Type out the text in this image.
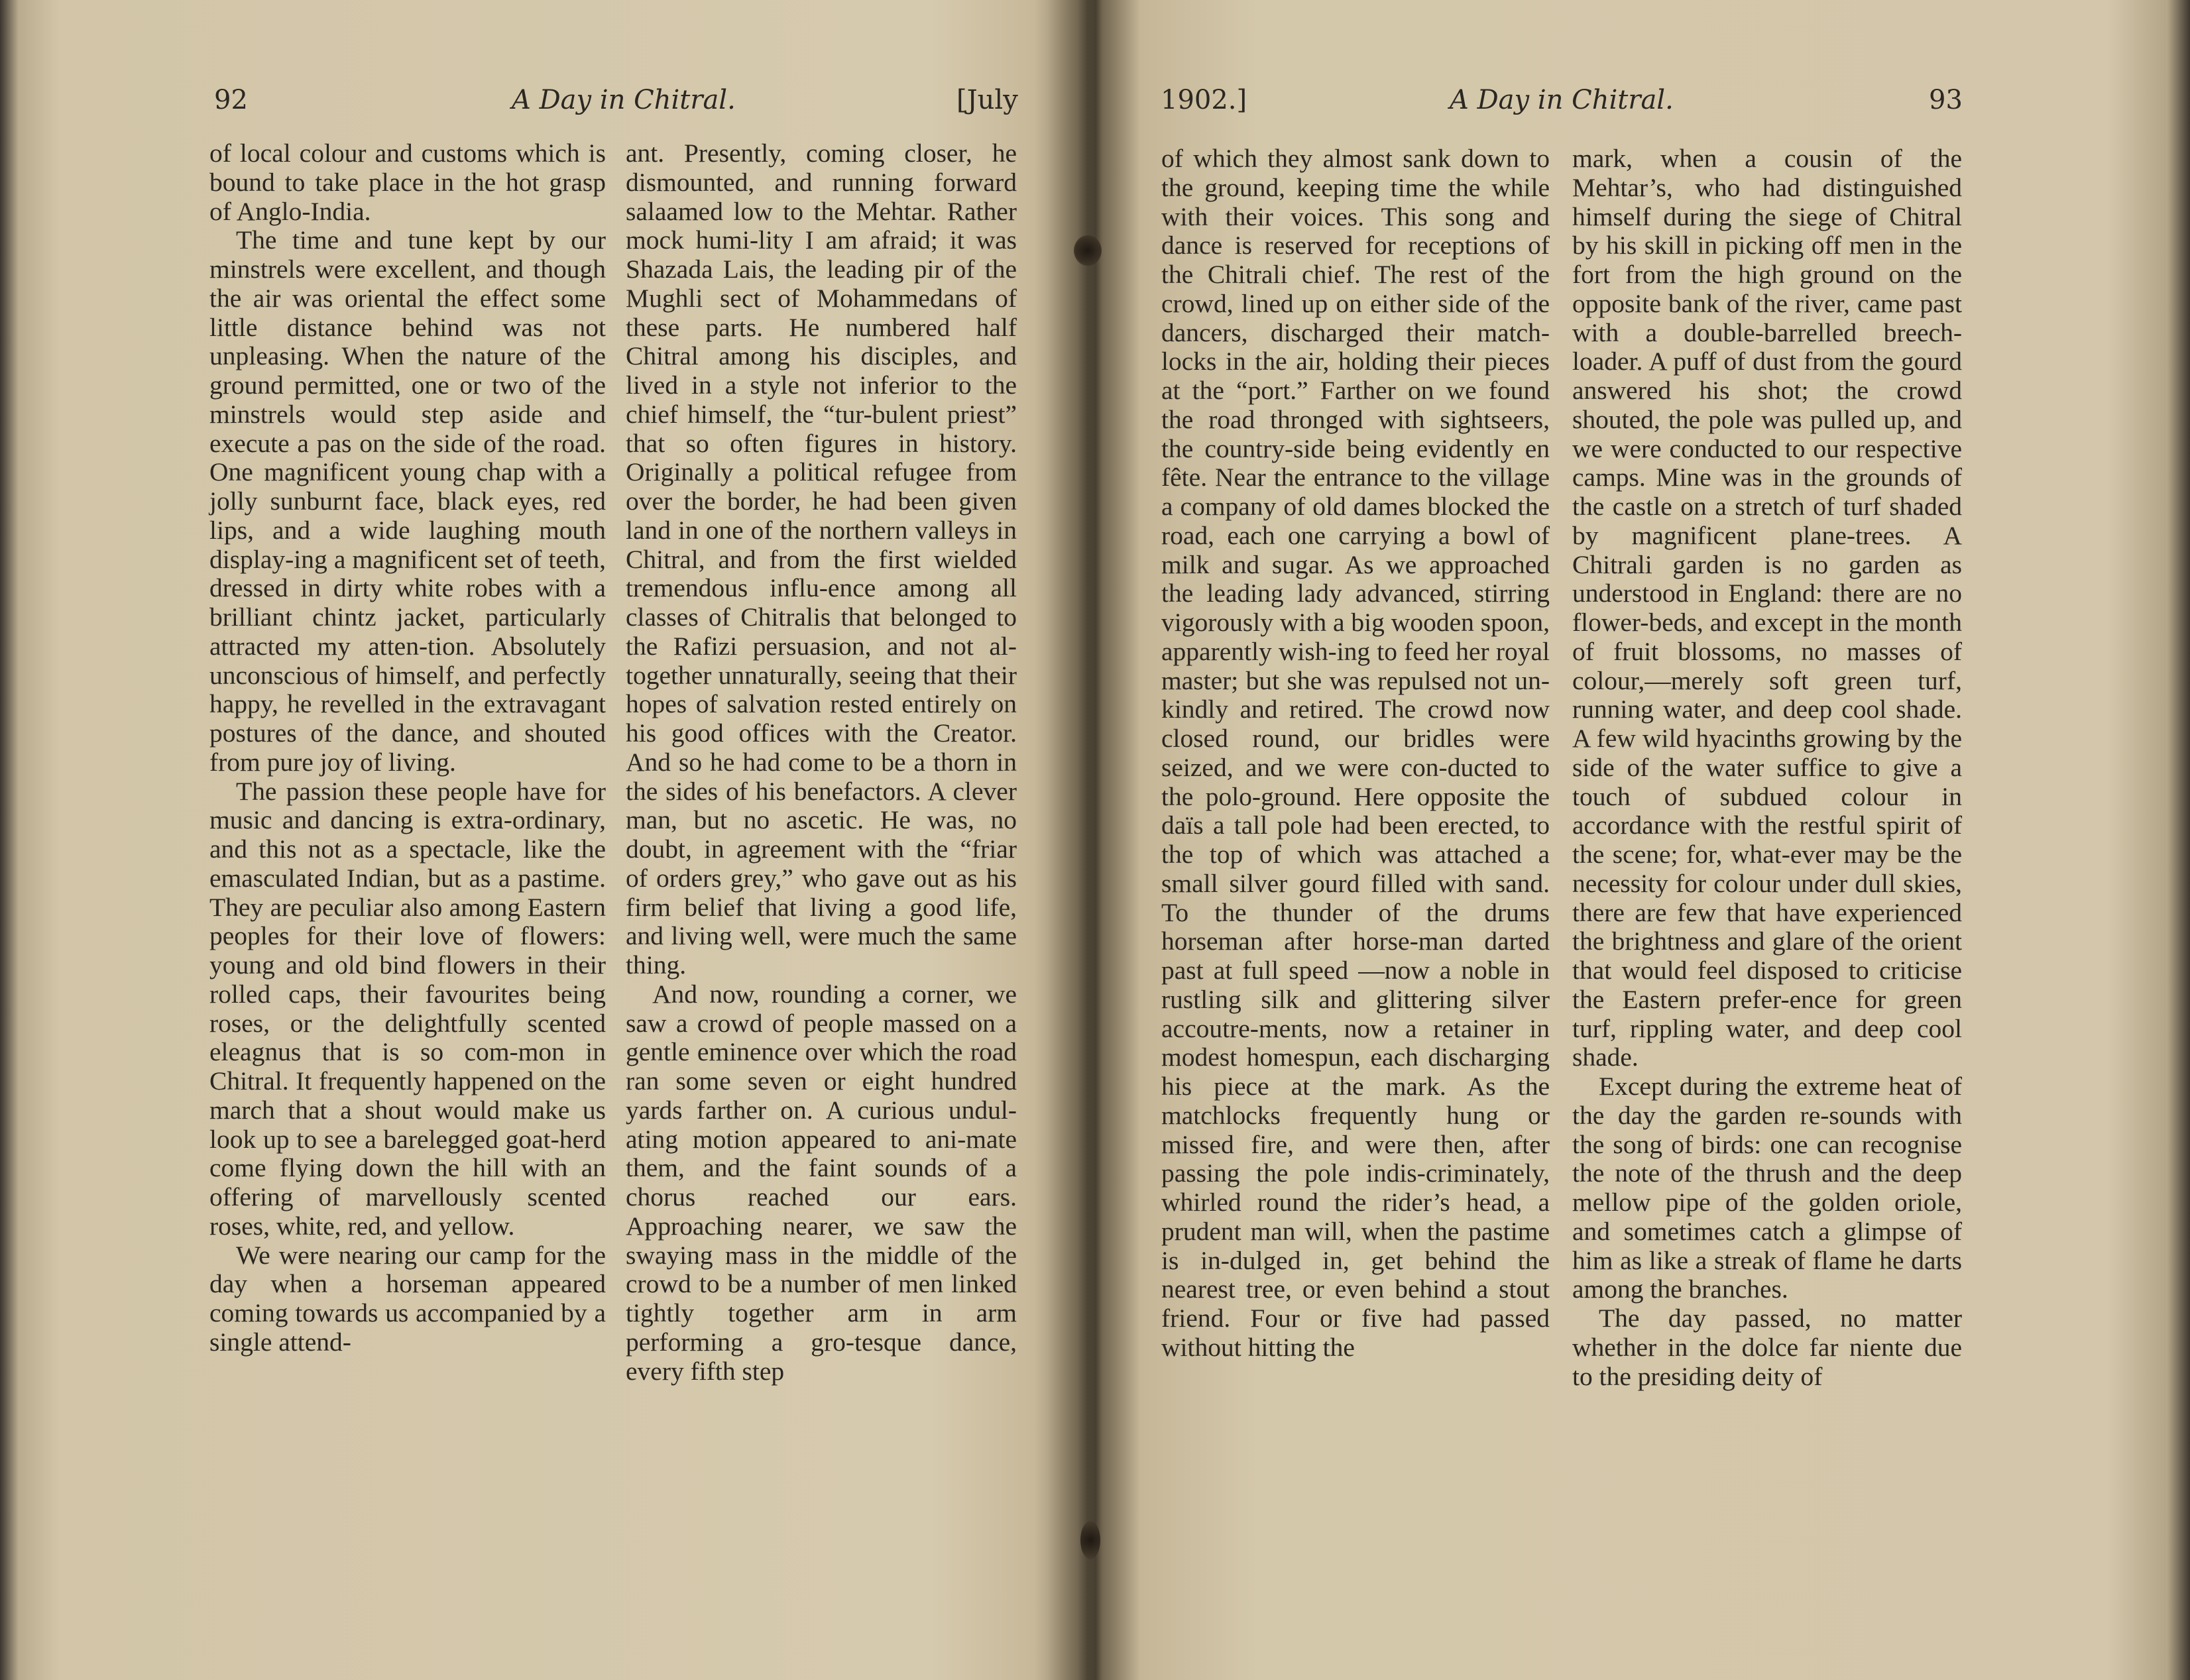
92	A Day in Chitral.	[July

of local colour and customs which is bound to take place in the hot grasp of Anglo-India.

The time and tune kept by our minstrels were excellent, and though the air was oriental the effect some little distance behind was not unpleasing. When the nature of the ground permitted, one or two of the minstrels would step aside and execute a pas on the side of the road. One magnificent young chap with a jolly sunburnt face, black eyes, red lips, and a wide laughing mouth display-ing a magnificent set of teeth, dressed in dirty white robes with a brilliant chintz jacket, particularly attracted my atten-tion. Absolutely unconscious of himself, and perfectly happy, he revelled in the extravagant postures of the dance, and shouted from pure joy of living.

The passion these people have for music and dancing is extra-ordinary, and this not as a spectacle, like the emasculated Indian, but as a pastime. They are peculiar also among Eastern peoples for their love of flowers: young and old bind flowers in their rolled caps, their favourites being roses, or the delightfully scented eleagnus that is so com-mon in Chitral. It frequently happened on the march that a shout would make us look up to see a barelegged goat-herd come flying down the hill with an offering of marvellously scented roses, white, red, and yellow.

We were nearing our camp for the day when a horseman appeared coming towards us accompanied by a single attend-

ant. Presently, coming closer, he dismounted, and running forward salaamed low to the Mehtar. Rather mock humi-lity I am afraid; it was Shazada Lais, the leading pir of the Mughli sect of Mohammedans of these parts. He numbered half Chitral among his disciples, and lived in a style not inferior to the chief himself, the “tur-bulent priest” that so often figures in history. Originally a political refugee from over the border, he had been given land in one of the northern valleys in Chitral, and from the first wielded tremendous influ-ence among all classes of Chitralis that belonged to the Rafizi persuasion, and not al-together unnaturally, seeing that their hopes of salvation rested entirely on his good offices with the Creator. And so he had come to be a thorn in the sides of his benefactors. A clever man, but no ascetic. He was, no doubt, in agreement with the “friar of orders grey,” who gave out as his firm belief that living a good life, and living well, were much the same thing.

And now, rounding a corner, we saw a crowd of people massed on a gentle eminence over which the road ran some seven or eight hundred yards farther on. A curious undul-ating motion appeared to ani-mate them, and the faint sounds of a chorus reached our ears. Approaching nearer, we saw the swaying mass in the middle of the crowd to be a number of men linked tightly together arm in arm performing a gro-tesque dance, every fifth step

1902.]	A Day in Chitral.	93

of which they almost sank down to the ground, keeping time the while with their voices. This song and dance is reserved for receptions of the Chitrali chief. The rest of the crowd, lined up on either side of the dancers, discharged their match-locks in the air, holding their pieces at the “port.” Farther on we found the road thronged with sightseers, the country-side being evidently en fête. Near the entrance to the village a company of old dames blocked the road, each one carrying a bowl of milk and sugar. As we approached the leading lady advanced, stirring vigorously with a big wooden spoon, apparently wish-ing to feed her royal master; but she was repulsed not un-kindly and retired. The crowd now closed round, our bridles were seized, and we were con-ducted to the polo-ground. Here opposite the daïs a tall pole had been erected, to the top of which was attached a small silver gourd filled with sand. To the thunder of the drums horseman after horse-man darted past at full speed —now a noble in rustling silk and glittering silver accoutre-ments, now a retainer in modest homespun, each discharging his piece at the mark. As the matchlocks frequently hung or missed fire, and were then, after passing the pole indis-criminately, whirled round the rider’s head, a prudent man will, when the pastime is in-dulged in, get behind the nearest tree, or even behind a stout friend. Four or five had passed without hitting the

mark, when a cousin of the Mehtar’s, who had distinguished himself during the siege of Chitral by his skill in picking off men in the fort from the high ground on the opposite bank of the river, came past with a double-barrelled breech-loader. A puff of dust from the gourd answered his shot; the crowd shouted, the pole was pulled up, and we were conducted to our respective camps. Mine was in the grounds of the castle on a stretch of turf shaded by magnificent plane-trees. A Chitrali garden is no garden as understood in England: there are no flower-beds, and except in the month of fruit blossoms, no masses of colour,—merely soft green turf, running water, and deep cool shade. A few wild hyacinths growing by the side of the water suffice to give a touch of subdued colour in accordance with the restful spirit of the scene; for, what-ever may be the necessity for colour under dull skies, there are few that have experienced the brightness and glare of the orient that would feel disposed to criticise the Eastern prefer-ence for green turf, rippling water, and deep cool shade.

Except during the extreme heat of the day the garden re-sounds with the song of birds: one can recognise the note of the thrush and the deep mellow pipe of the golden oriole, and sometimes catch a glimpse of him as like a streak of flame he darts among the branches.

The day passed, no matter whether in the dolce far niente due to the presiding deity of
